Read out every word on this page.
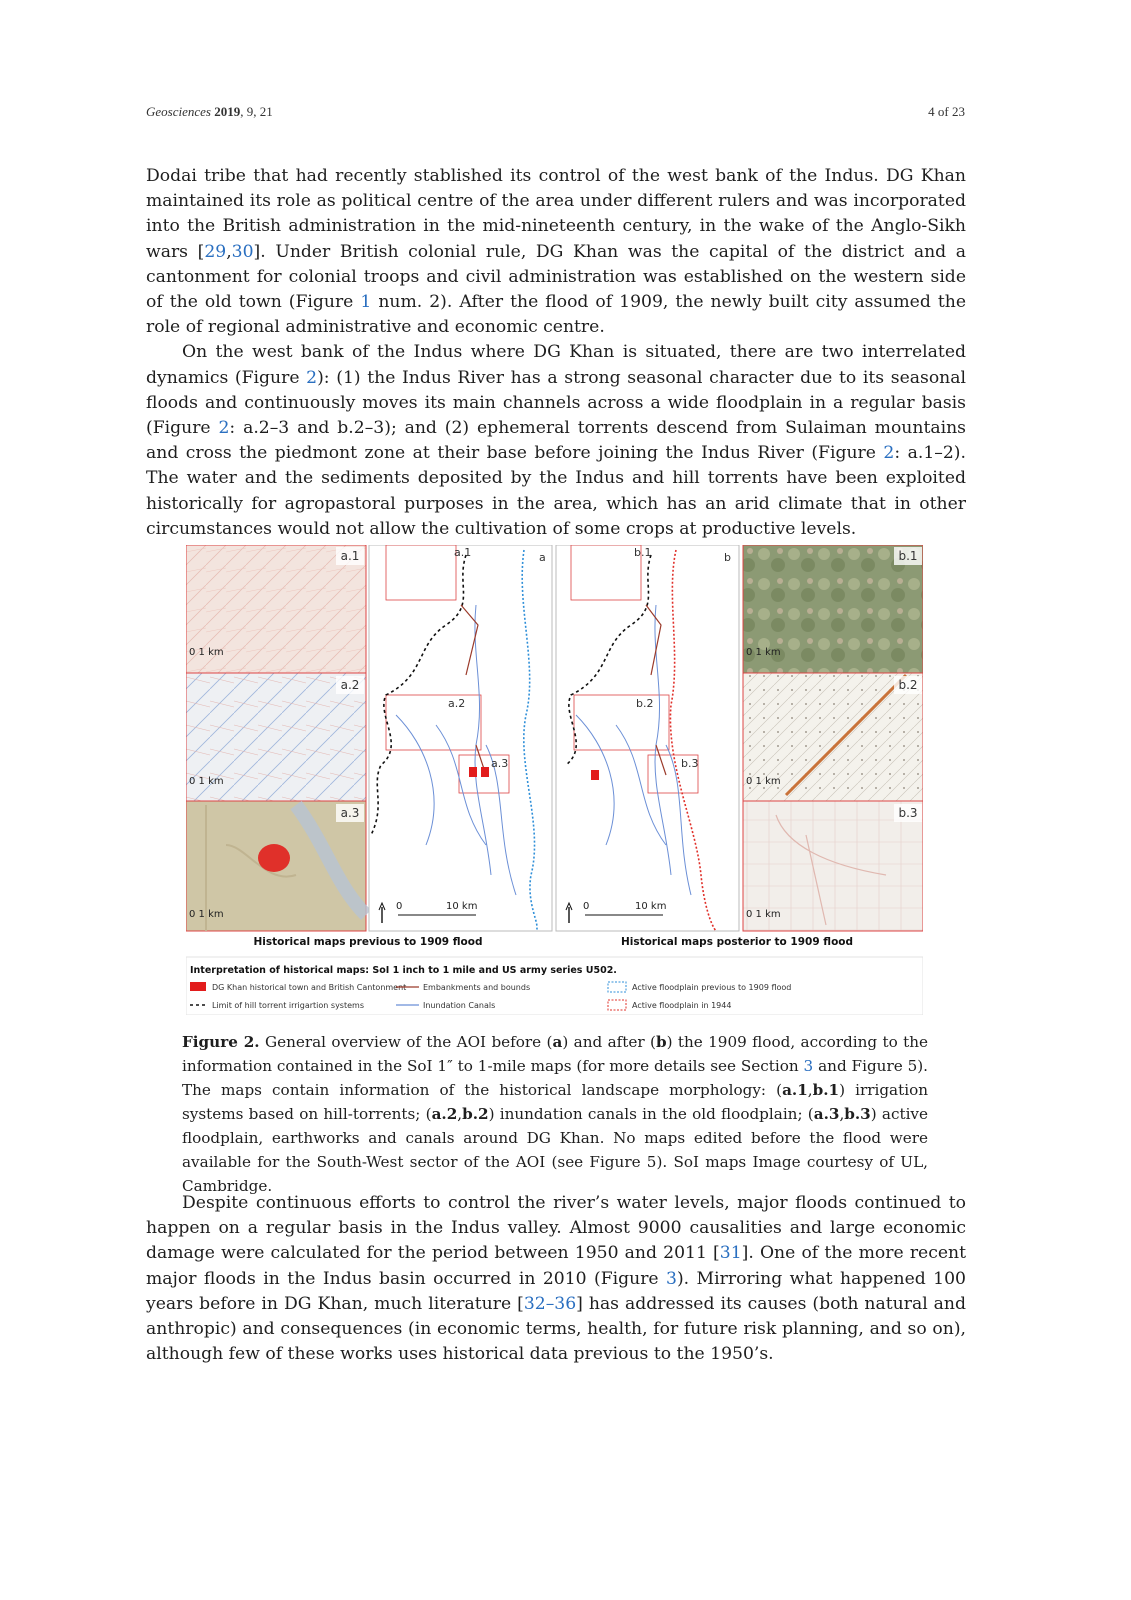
Geosciences 2019, 9, 21	4 of 23

Dodai tribe that had recently stablished its control of the west bank of the Indus. DG Khan maintained its role as political centre of the area under different rulers and was incorporated into the British administration in the mid-nineteenth century, in the wake of the Anglo-Sikh wars [29,30]. Under British colonial rule, DG Khan was the capital of the district and a cantonment for colonial troops and civil administration was established on the western side of the old town (Figure 1 num. 2). After the flood of 1909, the newly built city assumed the role of regional administrative and economic centre.

On the west bank of the Indus where DG Khan is situated, there are two interrelated dynamics (Figure 2): (1) the Indus River has a strong seasonal character due to its seasonal floods and continuously moves its main channels across a wide floodplain in a regular basis (Figure 2: a.2–3 and b.2–3); and (2) ephemeral torrents descend from Sulaiman mountains and cross the piedmont zone at their base before joining the Indus River (Figure 2: a.1–2). The water and the sediments deposited by the Indus and hill torrents have been exploited historically for agropastoral purposes in the area, which has an arid climate that in other circumstances would not allow the cultivation of some crops at productive levels.

a.1
a.2
a.3
0 1 km
0 1 km
0 1 km
a.1
a.2
a.3
a
0	10 km
b.1
b.2
b.3
b
0	10 km
b.1
b.2
b.3
0 1 km
0 1 km
0 1 km
Historical maps previous to 1909 flood	Historical maps posterior to 1909 flood
Interpretation of historical maps: SoI 1 inch to 1 mile and US army series U502.
DG Khan historical town and British Cantonment Embankments and bounds	Active floodplain previous to 1909 flood
Limit of hill torrent irrigartion systems	Inundation Canals	Active floodplain in 1944
Figure 2. General overview of the AOI before (a) and after (b) the 1909 flood, according to the information contained in the SoI 1″ to 1-mile maps (for more details see Section 3 and Figure 5). The maps contain information of the historical landscape morphology: (a.1,b.1) irrigation systems based on hill-torrents; (a.2,b.2) inundation canals in the old floodplain; (a.3,b.3) active floodplain, earthworks and canals around DG Khan. No maps edited before the flood were available for the South-West sector of the AOI (see Figure 5). SoI maps Image courtesy of UL, Cambridge.

Despite continuous efforts to control the river’s water levels, major floods continued to happen on a regular basis in the Indus valley. Almost 9000 causalities and large economic damage were calculated for the period between 1950 and 2011 [31]. One of the more recent major floods in the Indus basin occurred in 2010 (Figure 3). Mirroring what happened 100 years before in DG Khan, much literature [32–36] has addressed its causes (both natural and anthropic) and consequences (in economic terms, health, for future risk planning, and so on), although few of these works uses historical data previous to the 1950’s.
